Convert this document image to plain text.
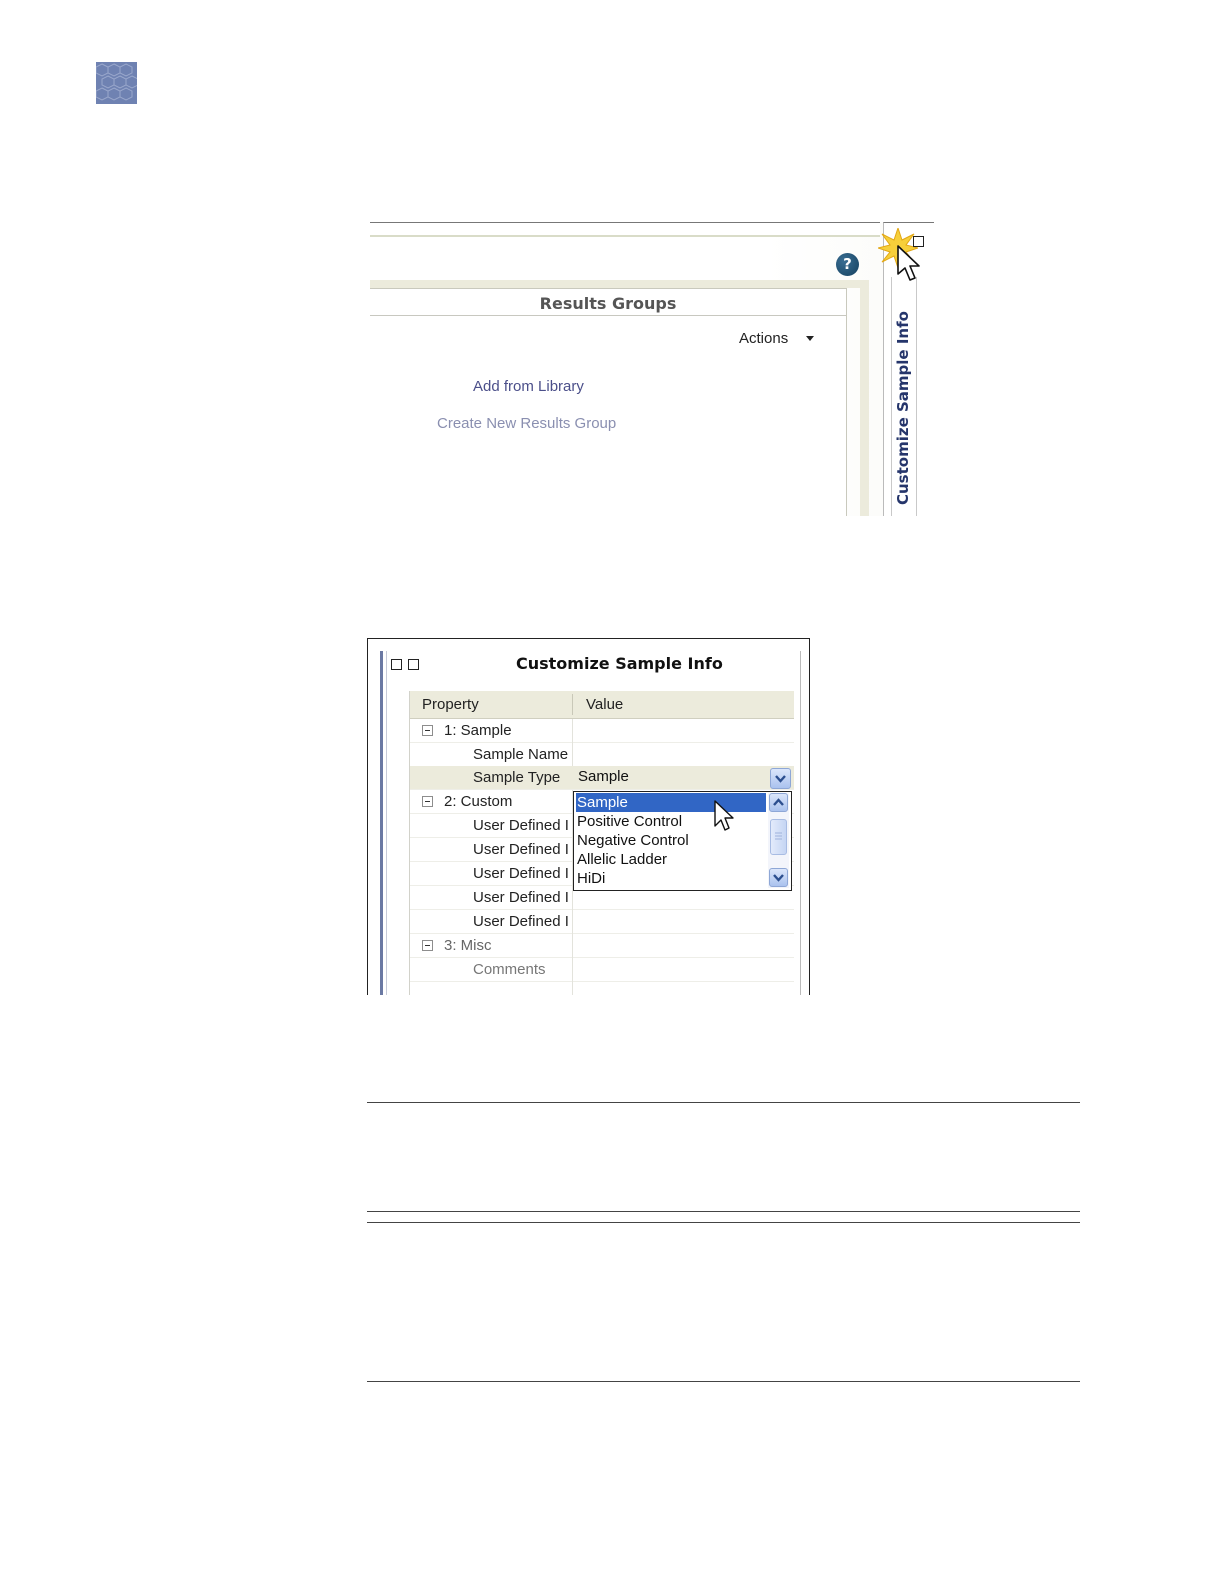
?
Results Groups
Actions
Add from Library
Create New Results Group	Customize Sample Info
Customize Sample Info
Property	Value
1: Sample
Sample Name
Sample Type	Sample
2: Custom
User Defined I
User Defined I
User Defined I
User Defined I
User Defined I
3: Misc
Comments
Sample
Positive Control
Negative Control
Allelic Ladder
HiDi
